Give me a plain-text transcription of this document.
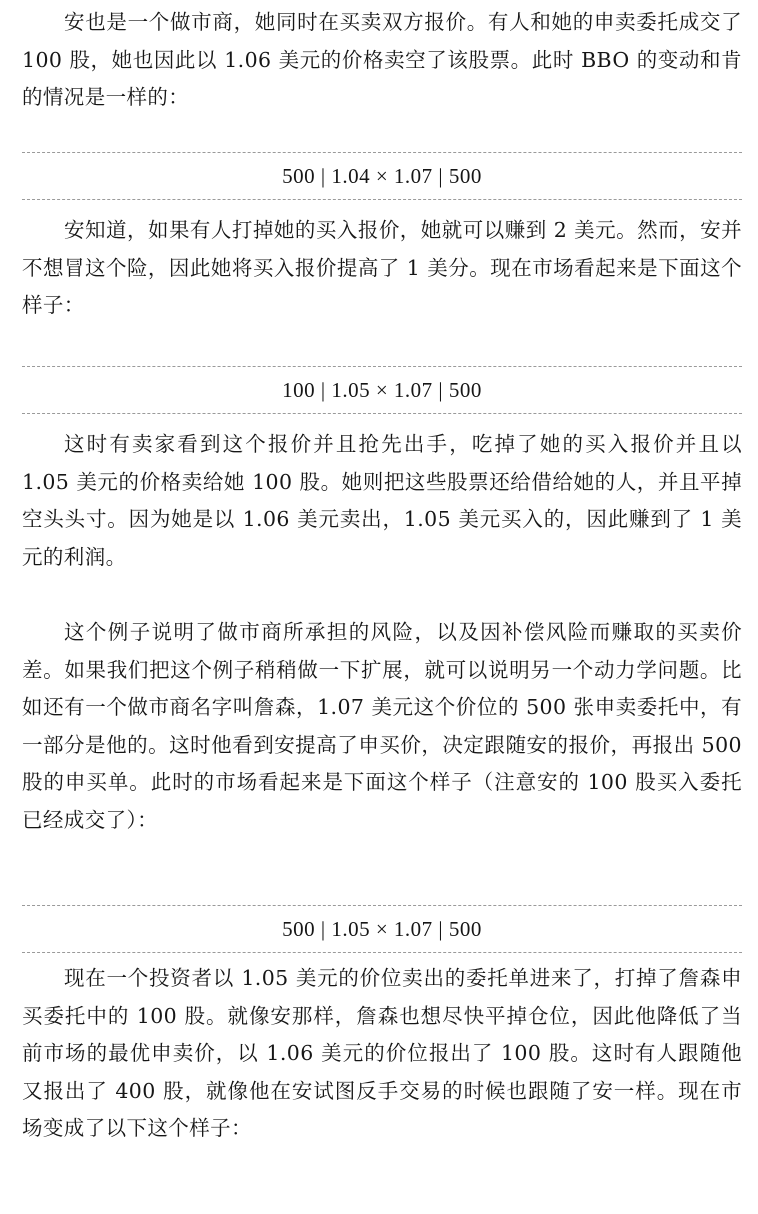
安也是一个做市商，她同时在买卖双方报价。有人和她的申卖委托成交了 100 股，她也因此以 1.06 美元的价格卖空了该股票。此时 BBO 的变动和肯的情况是一样的：

500 | 1.04 × 1.07 | 500

安知道，如果有人打掉她的买入报价，她就可以赚到 2 美元。然而，安并不想冒这个险，因此她将买入报价提高了 1 美分。现在市场看起来是下面这个样子：

100 | 1.05 × 1.07 | 500

这时有卖家看到这个报价并且抢先出手，吃掉了她的买入报价并且以 1.05 美元的价格卖给她 100 股。她则把这些股票还给借给她的人，并且平掉空头头寸。因为她是以 1.06 美元卖出，1.05 美元买入的，因此赚到了 1 美元的利润。

这个例子说明了做市商所承担的风险，以及因补偿风险而赚取的买卖价差。如果我们把这个例子稍稍做一下扩展，就可以说明另一个动力学问题。比如还有一个做市商名字叫詹森，1.07 美元这个价位的 500 张申卖委托中，有一部分是他的。这时他看到安提高了申买价，决定跟随安的报价，再报出 500 股的申买单。此时的市场看起来是下面这个样子（注意安的 100 股买入委托已经成交了）：

500 | 1.05 × 1.07 | 500

现在一个投资者以 1.05 美元的价位卖出的委托单进来了，打掉了詹森申买委托中的 100 股。就像安那样，詹森也想尽快平掉仓位，因此他降低了当前市场的最优申卖价，以 1.06 美元的价位报出了 100 股。这时有人跟随他又报出了 400 股，就像他在安试图反手交易的时候也跟随了安一样。现在市场变成了以下这个样子：
